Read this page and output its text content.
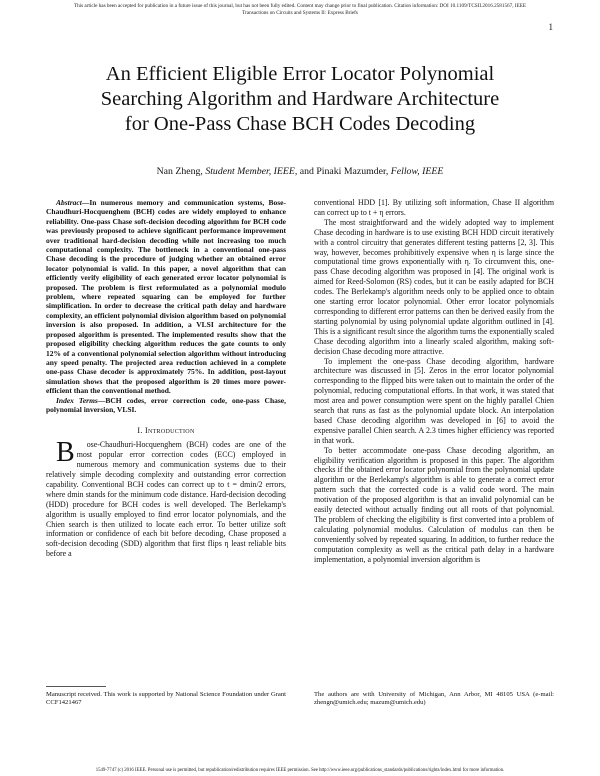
This article has been accepted for publication in a future issue of this journal, but has not been fully edited. Content may change prior to final publication. Citation information: DOI 10.1109/TCSII.2016.2581567, IEEE
Transactions on Circuits and Systems II: Express Briefs
1
An Efficient Eligible Error Locator Polynomial
Searching Algorithm and Hardware Architecture
for One-Pass Chase BCH Codes Decoding
Nan Zheng, Student Member, IEEE, and Pinaki Mazumder, Fellow, IEEE

Abstract—In numerous memory and communication systems, Bose-Chaudhuri-Hocquenghem (BCH) codes are widely employed to enhance reliability. One-pass Chase soft-decision decoding algorithm for BCH code was previously proposed to achieve significant performance improvement over traditional hard-decision decoding while not increasing too much computational complexity. The bottleneck in a conventional one-pass Chase decoding is the procedure of judging whether an obtained error locator polynomial is valid. In this paper, a novel algorithm that can efficiently verify eligibility of each generated error locator polynomial is proposed. The problem is first reformulated as a polynomial modulo problem, where repeated squaring can be employed for further simplification. In order to decrease the critical path delay and hardware complexity, an efficient polynomial division algorithm based on polynomial inversion is also proposed. In addition, a VLSI architecture for the proposed algorithm is presented. The implemented results show that the proposed eligibility checking algorithm reduces the gate counts to only 12% of a conventional polynomial selection algorithm without introducing any speed penalty. The projected area reduction achieved in a complete one-pass Chase decoder is approximately 75%. In addition, post-layout simulation shows that the proposed algorithm is 20 times more power-efficient than the conventional method.

Index Terms—BCH codes, error correction code, one-pass Chase, polynomial inversion, VLSI.

I. Introduction

B ose-Chaudhuri-Hocquenghem (BCH) codes are one of the most popular error correction codes (ECC) employed in numerous memory and communication systems due to their relatively simple decoding complexity and outstanding error correction capability. Conventional BCH codes can correct up to t = dmin/2 errors, where dmin stands for the minimum code distance. Hard-decision decoding (HDD) procedure for BCH codes is well developed. The Berlekamp's algorithm is usually employed to find error locator polynomials, and the Chien search is then utilized to locate each error. To better utilize soft information or confidence of each bit before decoding, Chase proposed a soft-decision decoding (SDD) algorithm that first flips η least reliable bits before a

conventional HDD [1]. By utilizing soft information, Chase II algorithm can correct up to t + η errors.

The most straightforward and the widely adopted way to implement Chase decoding in hardware is to use existing BCH HDD circuit iteratively with a control circuitry that generates different testing patterns [2, 3]. This way, however, becomes prohibitively expensive when η is large since the computational time grows exponentially with η. To circumvent this, one-pass Chase decoding algorithm was proposed in [4]. The original work is aimed for Reed-Solomon (RS) codes, but it can be easily adapted for BCH codes. The Berlekamp's algorithm needs only to be applied once to obtain one starting error locator polynomial. Other error locator polynomials corresponding to different error patterns can then be derived easily from the starting polynomial by using polynomial update algorithm outlined in [4]. This is a significant result since the algorithm turns the exponentially scaled Chase decoding algorithm into a linearly scaled algorithm, making soft-decision Chase decoding more attractive.

To implement the one-pass Chase decoding algorithm, hardware architecture was discussed in [5]. Zeros in the error locator polynomial corresponding to the flipped bits were taken out to maintain the order of the polynomial, reducing computational efforts. In that work, it was stated that most area and power consumption were spent on the highly parallel Chien search that runs as fast as the polynomial update block. An interpolation based Chase decoding algorithm was developed in [6] to avoid the expensive parallel Chien search. A 2.3 times higher efficiency was reported in that work.

To better accommodate one-pass Chase decoding algorithm, an eligibility verification algorithm is proposed in this paper. The algorithm checks if the obtained error locator polynomial from the polynomial update algorithm or the Berlekamp's algorithm is able to generate a correct error pattern such that the corrected code is a valid code word. The main motivation of the proposed algorithm is that an invalid polynomial can be easily detected without actually finding out all roots of that polynomial. The problem of checking the eligibility is first converted into a problem of calculating polynomial modulus. Calculation of modulus can then be conveniently solved by repeated squaring. In addition, to further reduce the computation complexity as well as the critical path delay in a hardware implementation, a polynomial inversion algorithm is

Manuscript received. This work is supported by National Science Foundation under Grant CCF1421467
The authors are with University of Michigan, Ann Arbor, MI 48105 USA (e-mail: zhengn@umich.edu; mazum@umich.edu)
1549-7747 (c) 2016 IEEE. Personal use is permitted, but republication/redistribution requires IEEE permission. See http://www.ieee.org/publications_standards/publications/rights/index.html for more information.
